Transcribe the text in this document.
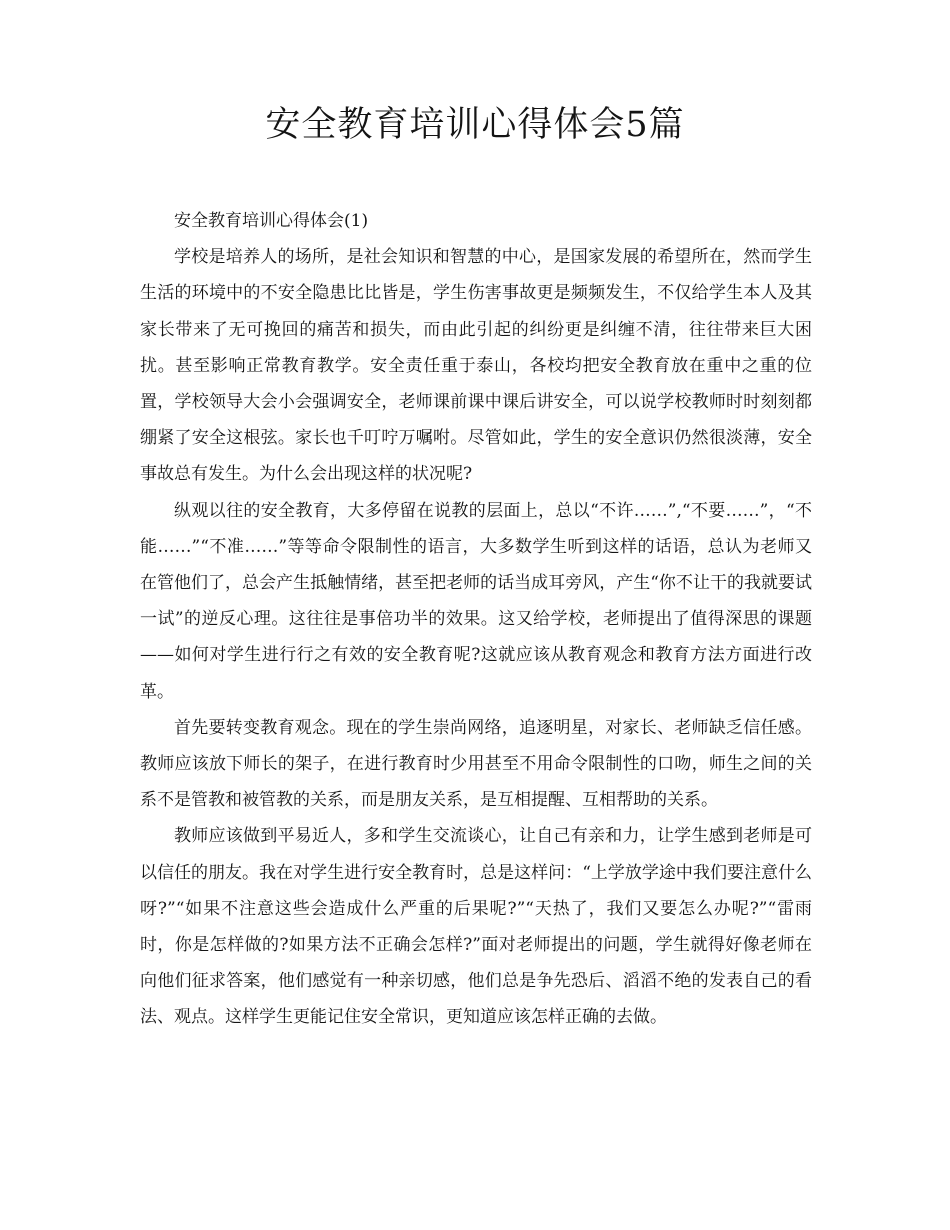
安全教育培训心得体会5篇

安全教育培训心得体会(1)

学校是培养人的场所，是社会知识和智慧的中心，是国家发展的希望所在，然而学生生活的环境中的不安全隐患比比皆是，学生伤害事故更是频频发生，不仅给学生本人及其家长带来了无可挽回的痛苦和损失，而由此引起的纠纷更是纠缠不清，往往带来巨大困扰。甚至影响正常教育教学。安全责任重于泰山，各校均把安全教育放在重中之重的位置，学校领导大会小会强调安全，老师课前课中课后讲安全，可以说学校教师时时刻刻都绷紧了安全这根弦。家长也千叮咛万嘱咐。尽管如此，学生的安全意识仍然很淡薄，安全事故总有发生。为什么会出现这样的状况呢?

纵观以往的安全教育，大多停留在说教的层面上，总以“不许……”,“不要……”，“不能……”“不准……”等等命令限制性的语言，大多数学生听到这样的话语，总认为老师又在管他们了，总会产生抵触情绪，甚至把老师的话当成耳旁风，产生“你不让干的我就要试一试”的逆反心理。这往往是事倍功半的效果。这又给学校，老师提出了值得深思的课题——如何对学生进行行之有效的安全教育呢?这就应该从教育观念和教育方法方面进行改革。

首先要转变教育观念。现在的学生崇尚网络，追逐明星，对家长、老师缺乏信任感。教师应该放下师长的架子，在进行教育时少用甚至不用命令限制性的口吻，师生之间的关系不是管教和被管教的关系，而是朋友关系，是互相提醒、互相帮助的关系。

教师应该做到平易近人，多和学生交流谈心，让自己有亲和力，让学生感到老师是可以信任的朋友。我在对学生进行安全教育时，总是这样问：“上学放学途中我们要注意什么呀?”“如果不注意这些会造成什么严重的后果呢?”“天热了，我们又要怎么办呢?”“雷雨时，你是怎样做的?如果方法不正确会怎样?”面对老师提出的问题，学生就得好像老师在向他们征求答案，他们感觉有一种亲切感，他们总是争先恐后、滔滔不绝的发表自己的看法、观点。这样学生更能记住安全常识，更知道应该怎样正确的去做。
